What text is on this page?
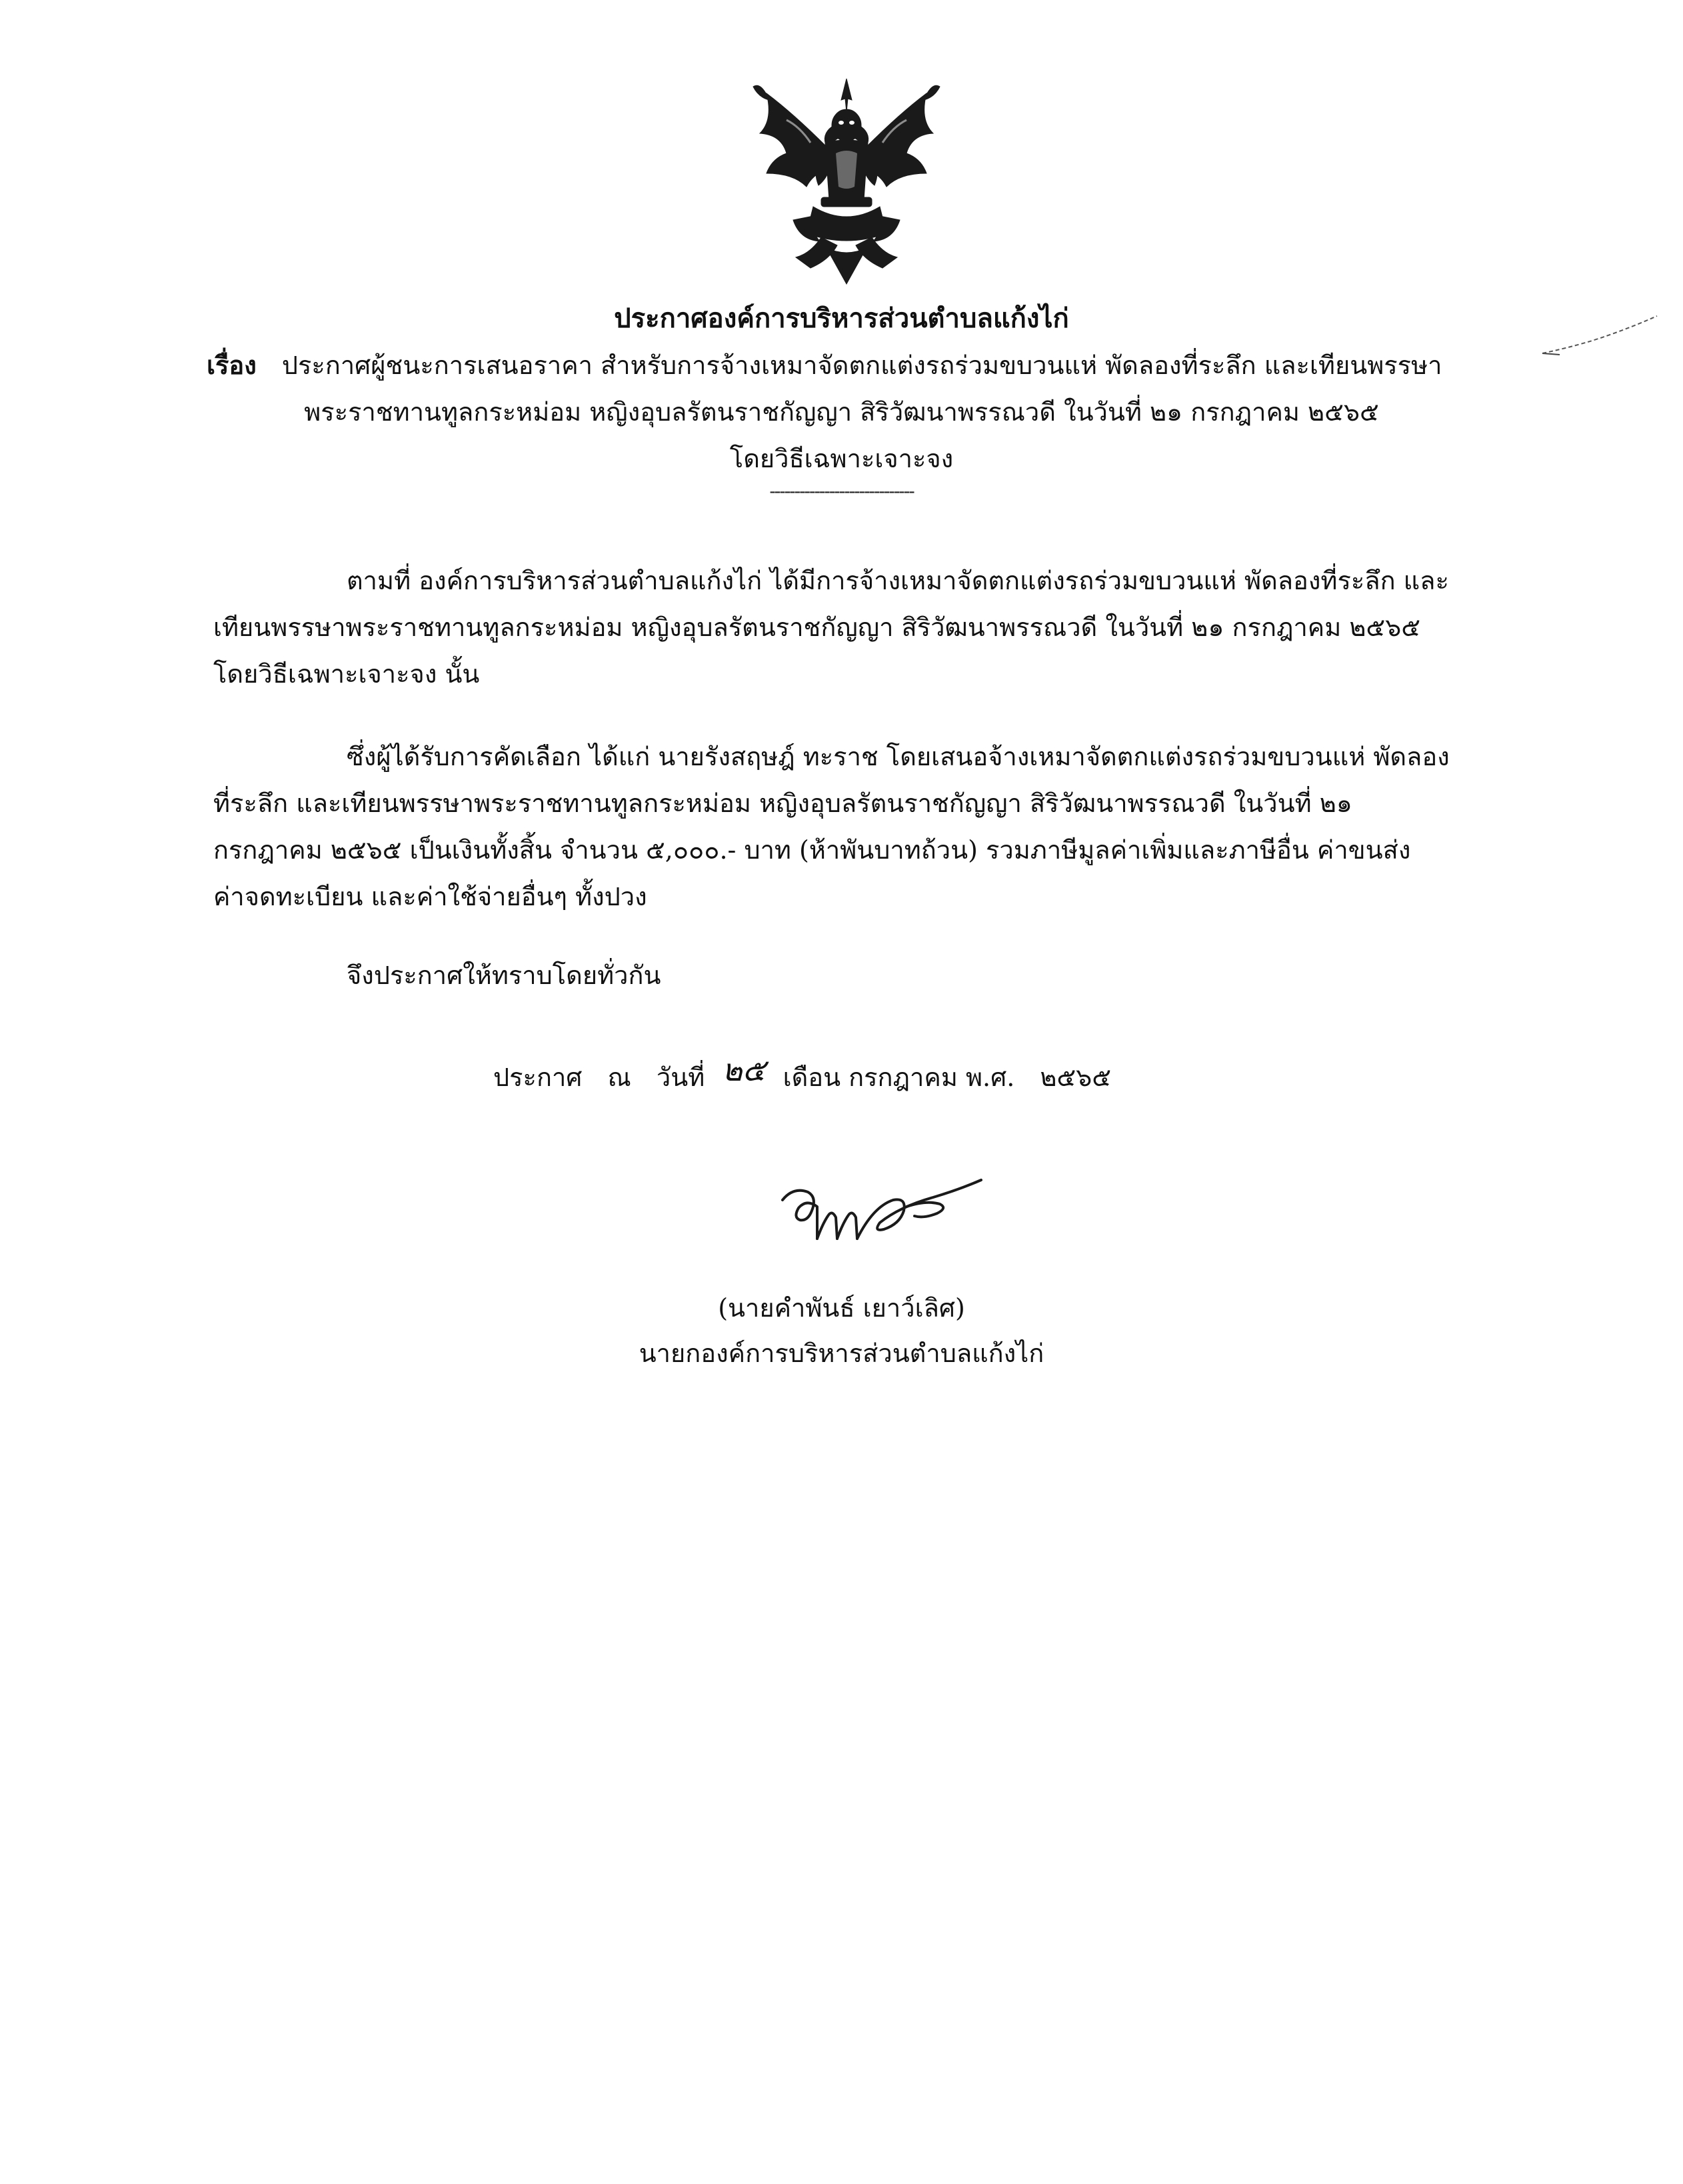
ประกาศองค์การบริหารส่วนตำบลแก้งไก่
เรื่อง ประกาศผู้ชนะการเสนอราคา สำหรับการจ้างเหมาจัดตกแต่งรถร่วมขบวนแห่ พัดลองที่ระลึก และเทียนพรรษา
พระราชทานทูลกระหม่อม หญิงอุบลรัตนราชกัญญา สิริวัฒนาพรรณวดี ในวันที่ ๒๑ กรกฎาคม ๒๕๖๕
โดยวิธีเฉพาะเจาะจง
-----------------------------
ตามที่ องค์การบริหารส่วนตำบลแก้งไก่ ได้มีการจ้างเหมาจัดตกแต่งรถร่วมขบวนแห่ พัดลองที่ระลึก และ
เทียนพรรษาพระราชทานทูลกระหม่อม หญิงอุบลรัตนราชกัญญา สิริวัฒนาพรรณวดี ในวันที่ ๒๑ กรกฎาคม ๒๕๖๕
โดยวิธีเฉพาะเจาะจง นั้น
ซึ่งผู้ได้รับการคัดเลือก ได้แก่ นายรังสฤษฎ์ ทะราช โดยเสนอจ้างเหมาจัดตกแต่งรถร่วมขบวนแห่ พัดลอง
ที่ระลึก และเทียนพรรษาพระราชทานทูลกระหม่อม หญิงอุบลรัตนราชกัญญา สิริวัฒนาพรรณวดี ในวันที่ ๒๑
กรกฎาคม ๒๕๖๕ เป็นเงินทั้งสิ้น จำนวน ๕,๐๐๐.- บาท (ห้าพันบาทถ้วน) รวมภาษีมูลค่าเพิ่มและภาษีอื่น ค่าขนส่ง
ค่าจดทะเบียน และค่าใช้จ่ายอื่นๆ ทั้งปวง
จึงประกาศให้ทราบโดยทั่วกัน
ประกาศ ณ วันที่ ๒๕ เดือน กรกฎาคม พ.ศ. ๒๕๖๕
(นายคำพันธ์ เยาว์เลิศ)
นายกองค์การบริหารส่วนตำบลแก้งไก่
